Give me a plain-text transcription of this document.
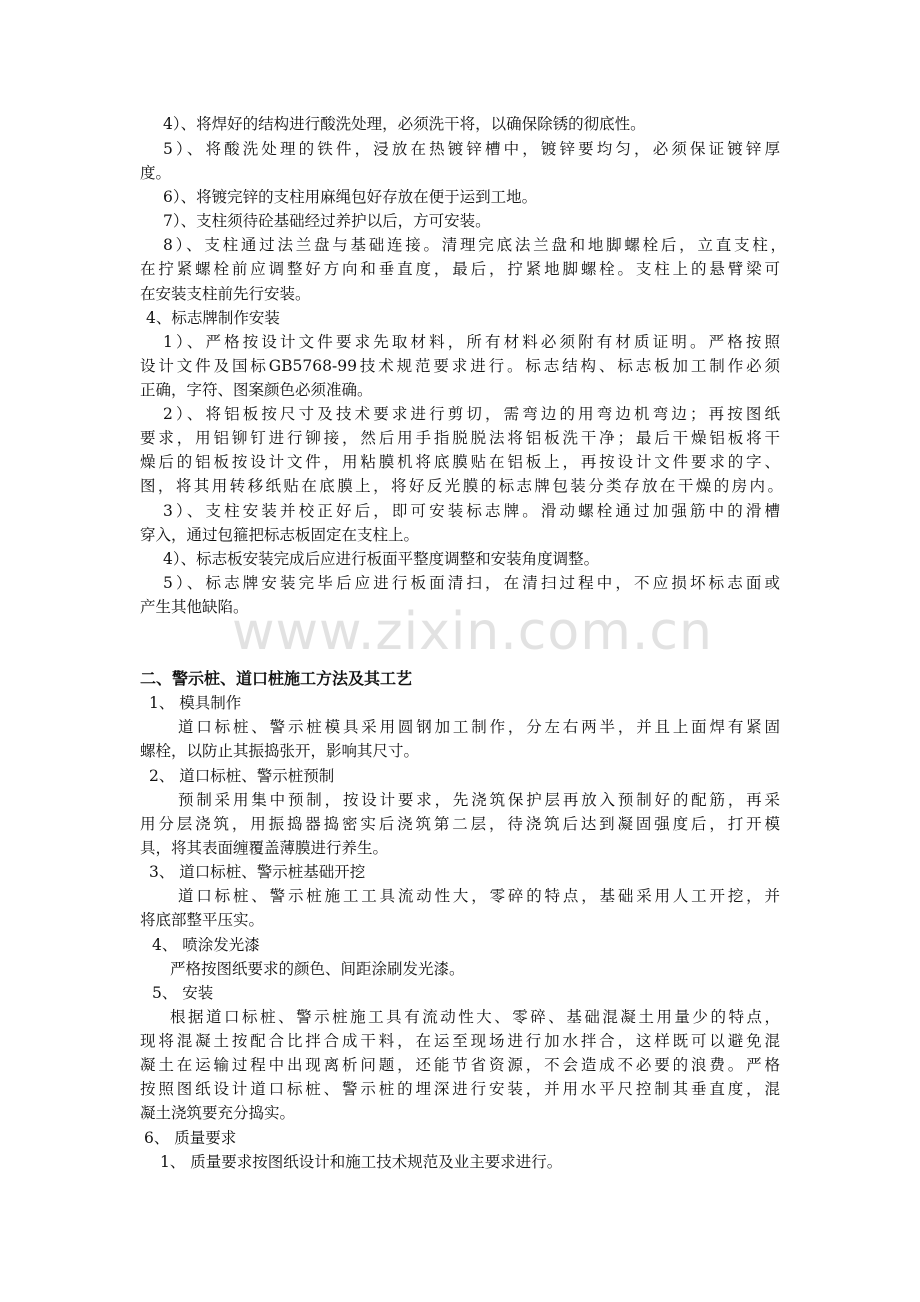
www.zixin.com.cn
4）、将焊好的结构进行酸洗处理，必须洗干将，以确保除锈的彻底性。
5）、将酸洗处理的铁件，浸放在热镀锌槽中，镀锌要均匀，必须保证镀锌厚
度。
6）、将镀完锌的支柱用麻绳包好存放在便于运到工地。
7）、支柱须待砼基础经过养护以后，方可安装。
8）、支柱通过法兰盘与基础连接。清理完底法兰盘和地脚螺栓后，立直支柱，
在拧紧螺栓前应调整好方向和垂直度，最后，拧紧地脚螺栓。支柱上的悬臂梁可
在安装支柱前先行安装。
4、标志牌制作安装
1）、严格按设计文件要求先取材料，所有材料必须附有材质证明。严格按照
设计文件及国标GB5768-99技术规范要求进行。标志结构、标志板加工制作必须
正确，字符、图案颜色必须准确。
2）、将铝板按尺寸及技术要求进行剪切，需弯边的用弯边机弯边；再按图纸
要求，用铝铆钉进行铆接，然后用手指脱脱法将铝板洗干净；最后干燥铝板将干
燥后的铝板按设计文件，用粘膜机将底膜贴在铝板上，再按设计文件要求的字、
图，将其用转移纸贴在底膜上，将好反光膜的标志牌包装分类存放在干燥的房内。
3）、支柱安装并校正好后，即可安装标志牌。滑动螺栓通过加强筋中的滑槽
穿入，通过包箍把标志板固定在支柱上。
4）、标志板安装完成后应进行板面平整度调整和安装角度调整。
5）、标志牌安装完毕后应进行板面清扫，在清扫过程中，不应损坏标志面或
产生其他缺陷。
二、警示桩、道口桩施工方法及其工艺
1、 模具制作
道口标桩、警示桩模具采用圆钢加工制作，分左右两半，并且上面焊有紧固
螺栓，以防止其振捣张开，影响其尺寸。
2、 道口标桩、警示桩预制
预制采用集中预制，按设计要求，先浇筑保护层再放入预制好的配筋，再采
用分层浇筑，用振捣器捣密实后浇筑第二层，待浇筑后达到凝固强度后，打开模
具，将其表面缠覆盖薄膜进行养生。
3、 道口标桩、警示桩基础开挖
道口标桩、警示桩施工工具流动性大，零碎的特点，基础采用人工开挖，并
将底部整平压实。
4、 喷涂发光漆
严格按图纸要求的颜色、间距涂刷发光漆。
5、 安装
根据道口标桩、警示桩施工具有流动性大、零碎、基础混凝土用量少的特点，
现将混凝土按配合比拌合成干料，在运至现场进行加水拌合，这样既可以避免混
凝土在运输过程中出现离析问题，还能节省资源，不会造成不必要的浪费。严格
按照图纸设计道口标桩、警示桩的埋深进行安装，并用水平尺控制其垂直度，混
凝土浇筑要充分捣实。
6、 质量要求
1、 质量要求按图纸设计和施工技术规范及业主要求进行。
